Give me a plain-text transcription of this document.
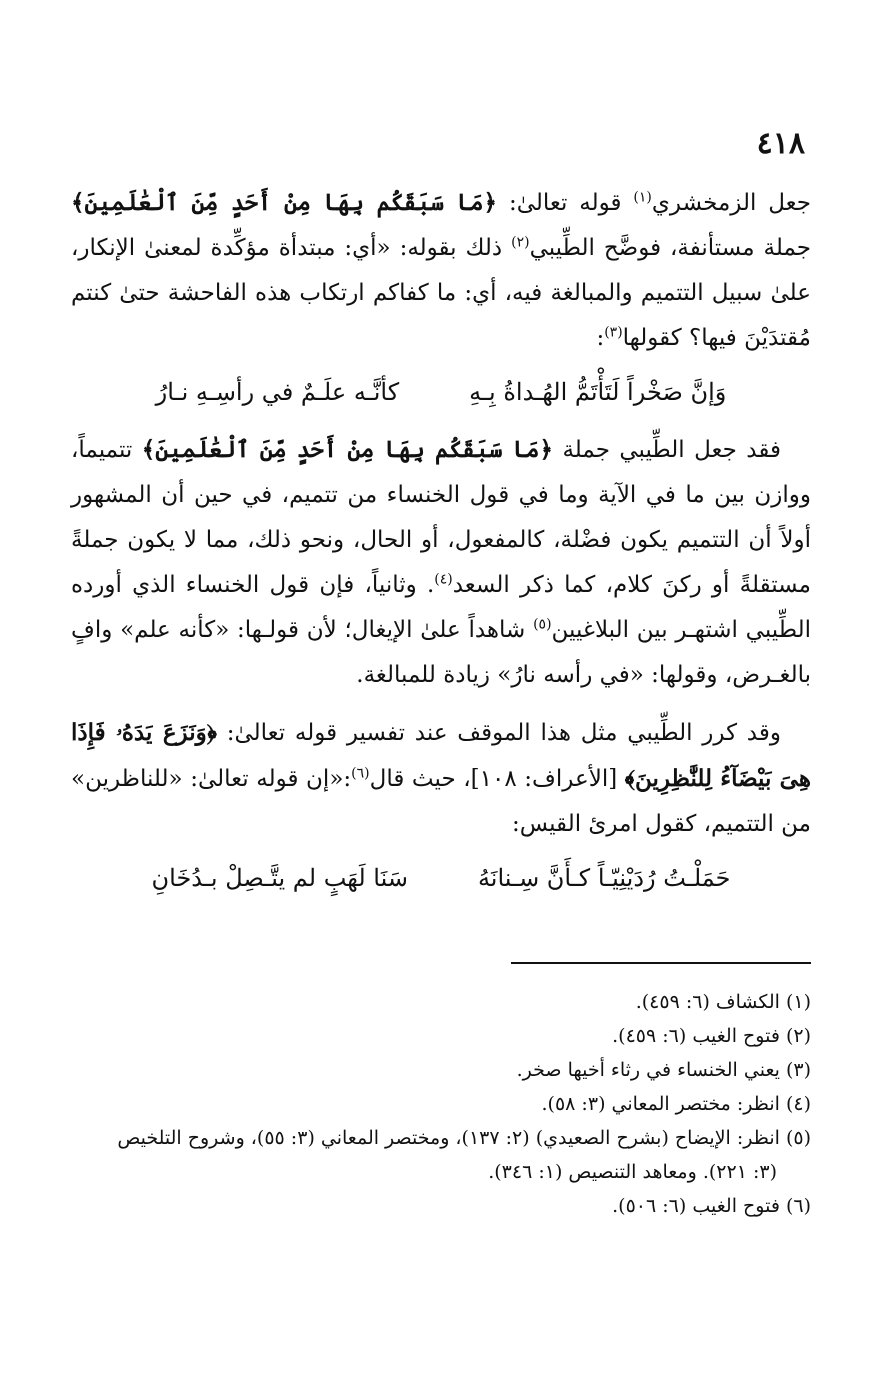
٤١٨

جعل الزمخشري$^{(١)}$ قوله تعالىٰ: ﴿مَا سَبَقَكُم بِهَا مِنْ أَحَدٍ مِّنَ ٱلْعَٰلَمِينَ﴾ جملة مستأنفة، فوضَّح الطِّيبي$^{(٢)}$ ذلك بقوله: «أي: مبتدأة مؤكِّدة لمعنىٰ الإنكار، علىٰ سبيل التتميم والمبالغة فيه، أي: ما كفاكم ارتكاب هذه الفاحشة حتىٰ كنتم مُقتدَيْنَ فيها؟ كقولها$^{(٣)}$:

وَإنَّ صَخْراً لَتَأْتَمُّ الهُـداةُ بِـهِ
كأنَّـه علَـمٌ في رأسِـهِ نـارُ

فقد جعل الطِّيبي جملة ﴿مَا سَبَقَكُم بِهَا مِنْ أَحَدٍ مِّنَ ٱلْعَٰلَمِينَ﴾ تتميماً، ووازن بين ما في الآية وما في قول الخنساء من تتميم، في حين أن المشهور أولاً أن التتميم يكون فضْلة، كالمفعول، أو الحال، ونحو ذلك، مما لا يكون جملةً مستقلةً أو ركنَ كلام، كما ذكر السعد$^{(٤)}$. وثانياً، فإن قول الخنساء الذي أورده الطِّيبي اشتهـر بين البلاغيين$^{(٥)}$ شاهداً علىٰ الإيغال؛ لأن قولـها: «كأنه علم» وافٍ بالغـرض، وقولها: «في رأسه نارُ» زيادة للمبالغة.

وقد كرر الطِّيبي مثل هذا الموقف عند تفسير قوله تعالىٰ: ﴿وَنَزَعَ يَدَهُۥ فَإِذَا هِىَ بَيْضَآءُ لِلنَّٰظِرِينَ﴾ [الأعراف: ١٠٨]، حيث قال$^{(٦)}$:«إن قوله تعالىٰ: «للناظرين» من التتميم، كقول امرئ القيس:

حَمَلْـتُ رُدَيْنِيّـاً كـأَنَّ سِـنانَهُ
سَنَا لَهَبٍ لم يتَّـصِلْ بـدُخَانِ

(١) الكشاف (٦: ٤٥٩).

(٢) فتوح الغيب (٦: ٤٥٩).

(٣) يعني الخنساء في رثاء أخيها صخر.

(٤) انظر: مختصر المعاني (٣: ٥٨).

(٥) انظر: الإيضاح (بشرح الصعيدي) (٢: ١٣٧)، ومختصر المعاني (٣: ٥٥)، وشروح التلخيص

(٣: ٢٢١). ومعاهد التنصيص (١: ٣٤٦).

(٦) فتوح الغيب (٦: ٥٠٦).
